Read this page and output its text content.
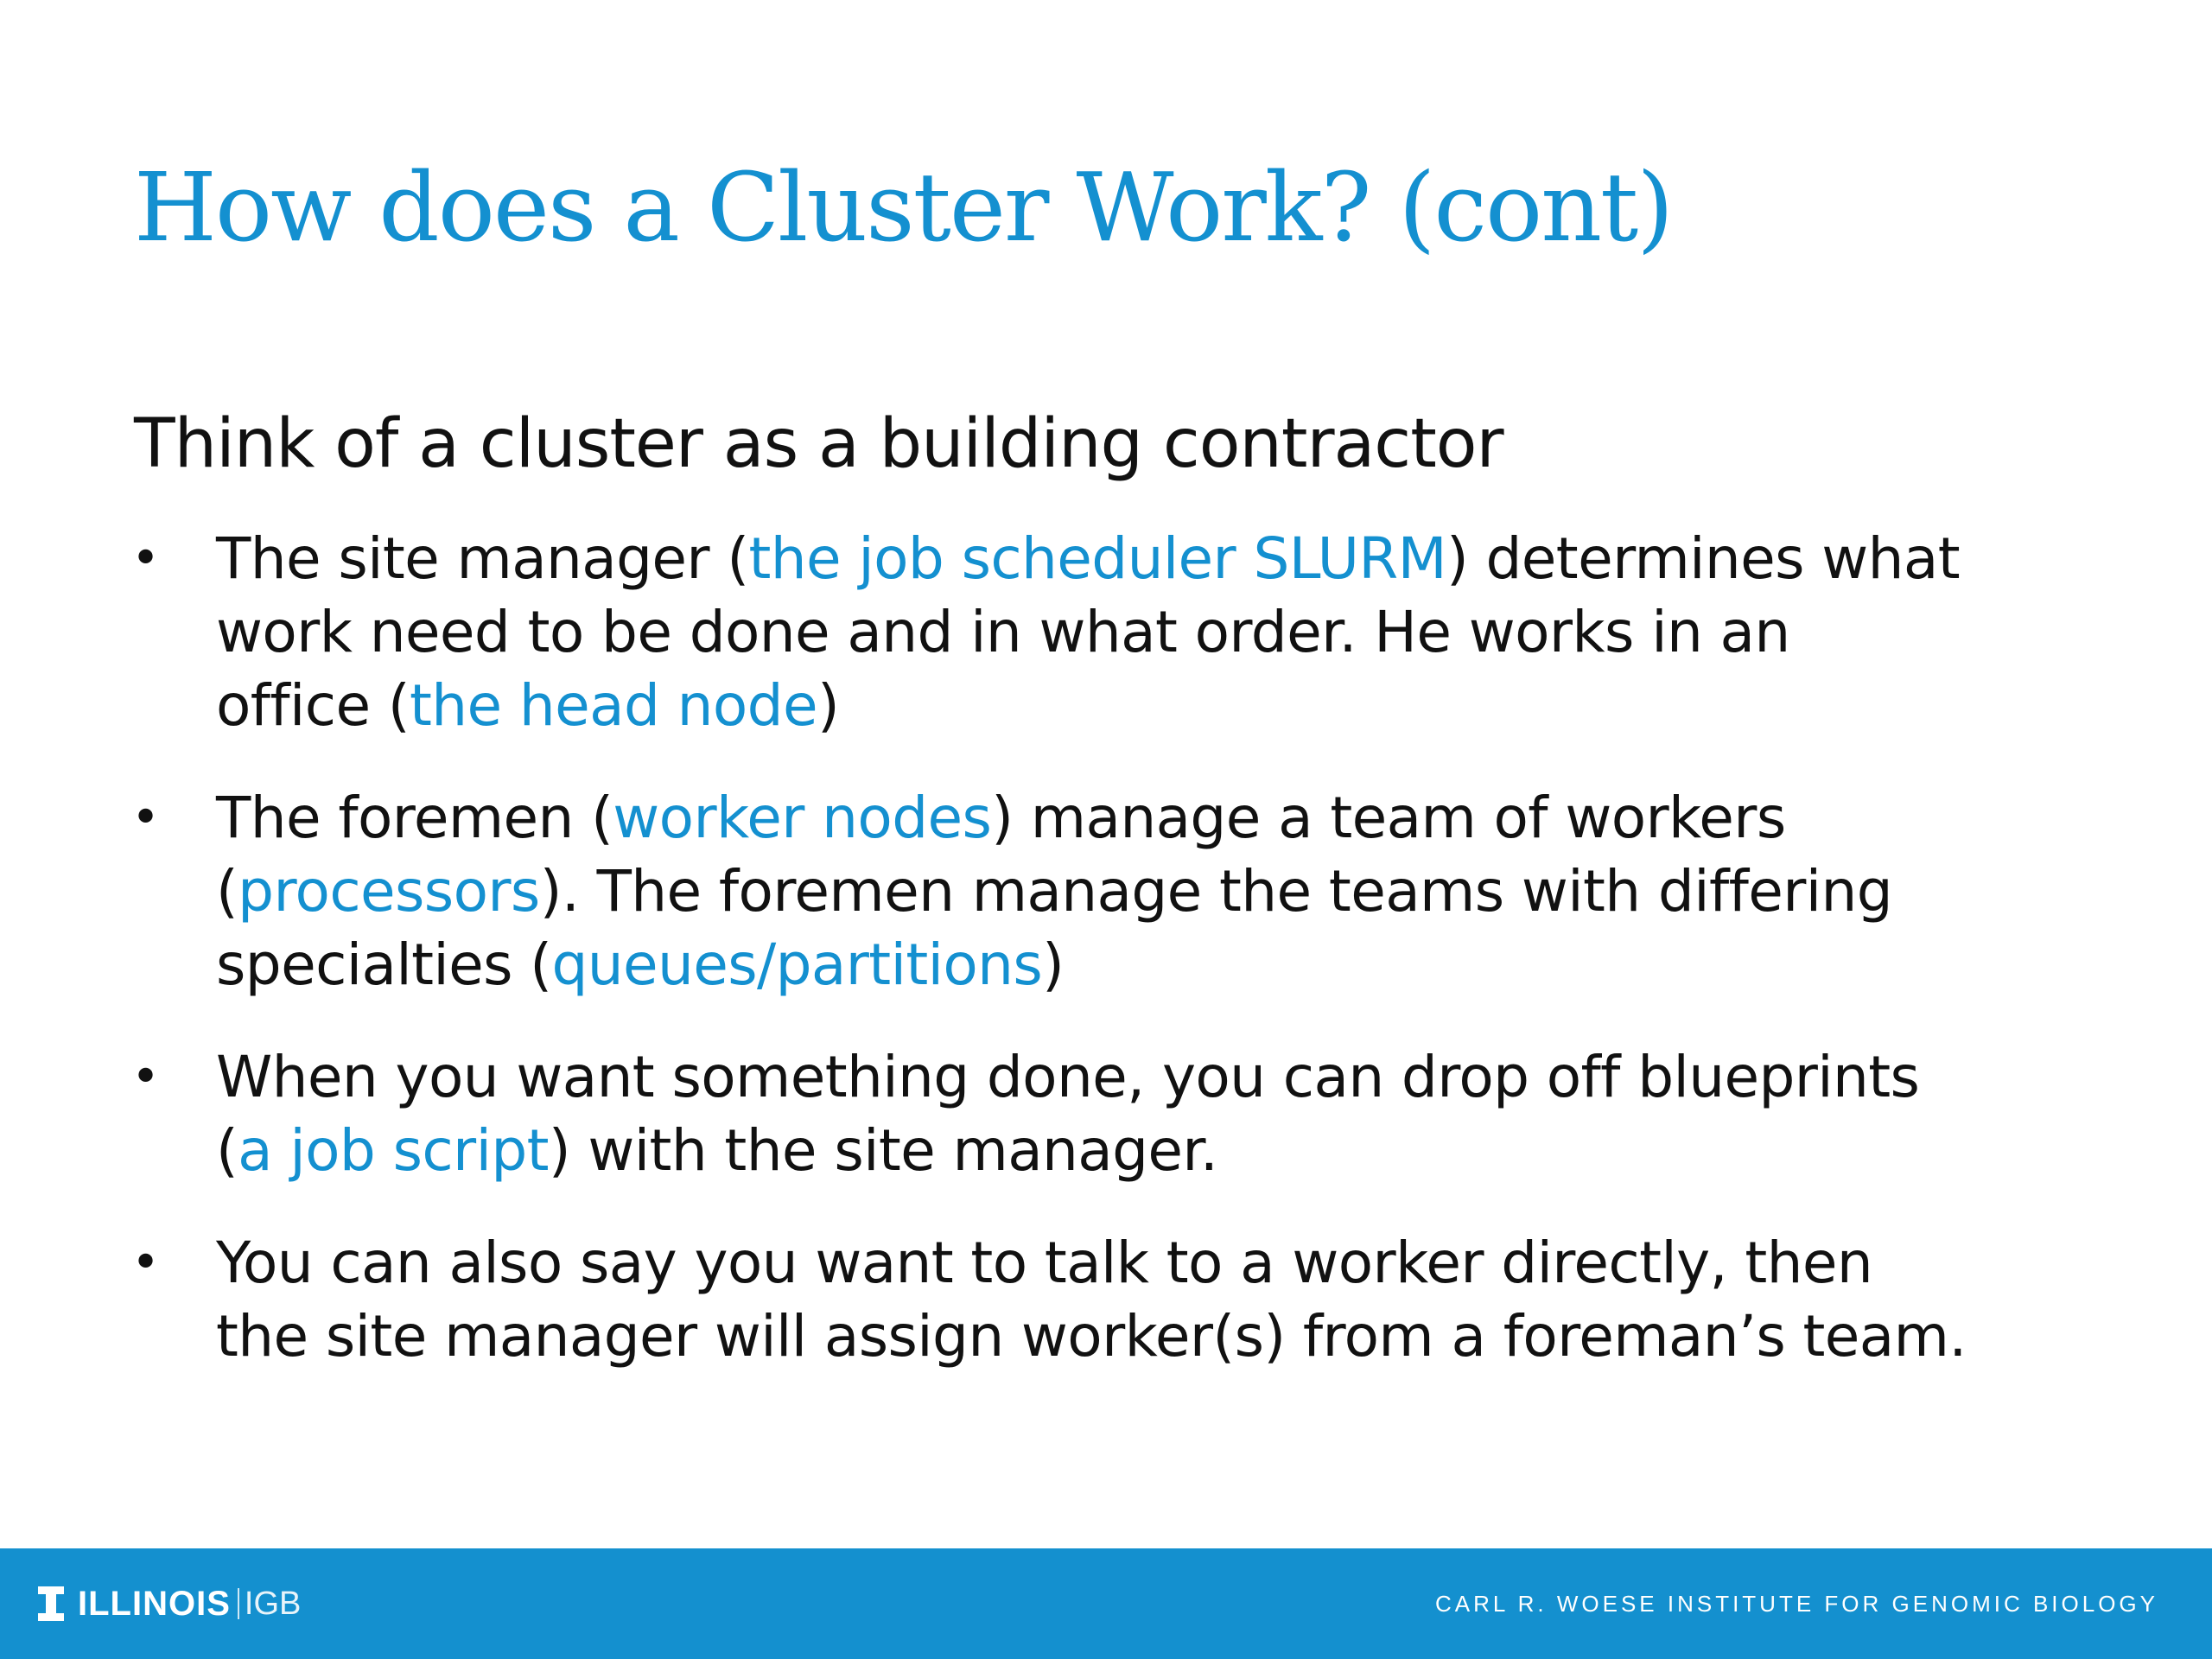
How does a Cluster Work? (cont)

Think of a cluster as a building contractor

• The site manager (the job scheduler SLURM) determines what
work need to be done and in what order. He works in an
office (the head node)
• The foremen (worker nodes) manage a team of workers
(processors). The foremen manage the teams with differing
specialties (queues/partitions)
• When you want something done, you can drop off blueprints
(a job script) with the site manager.
• You can also say you want to talk to a worker directly, then
the site manager will assign worker(s) from a foreman’s team.
ILLINOIS IGB	CARL R. WOESE INSTITUTE FOR GENOMIC BIOLOGY
